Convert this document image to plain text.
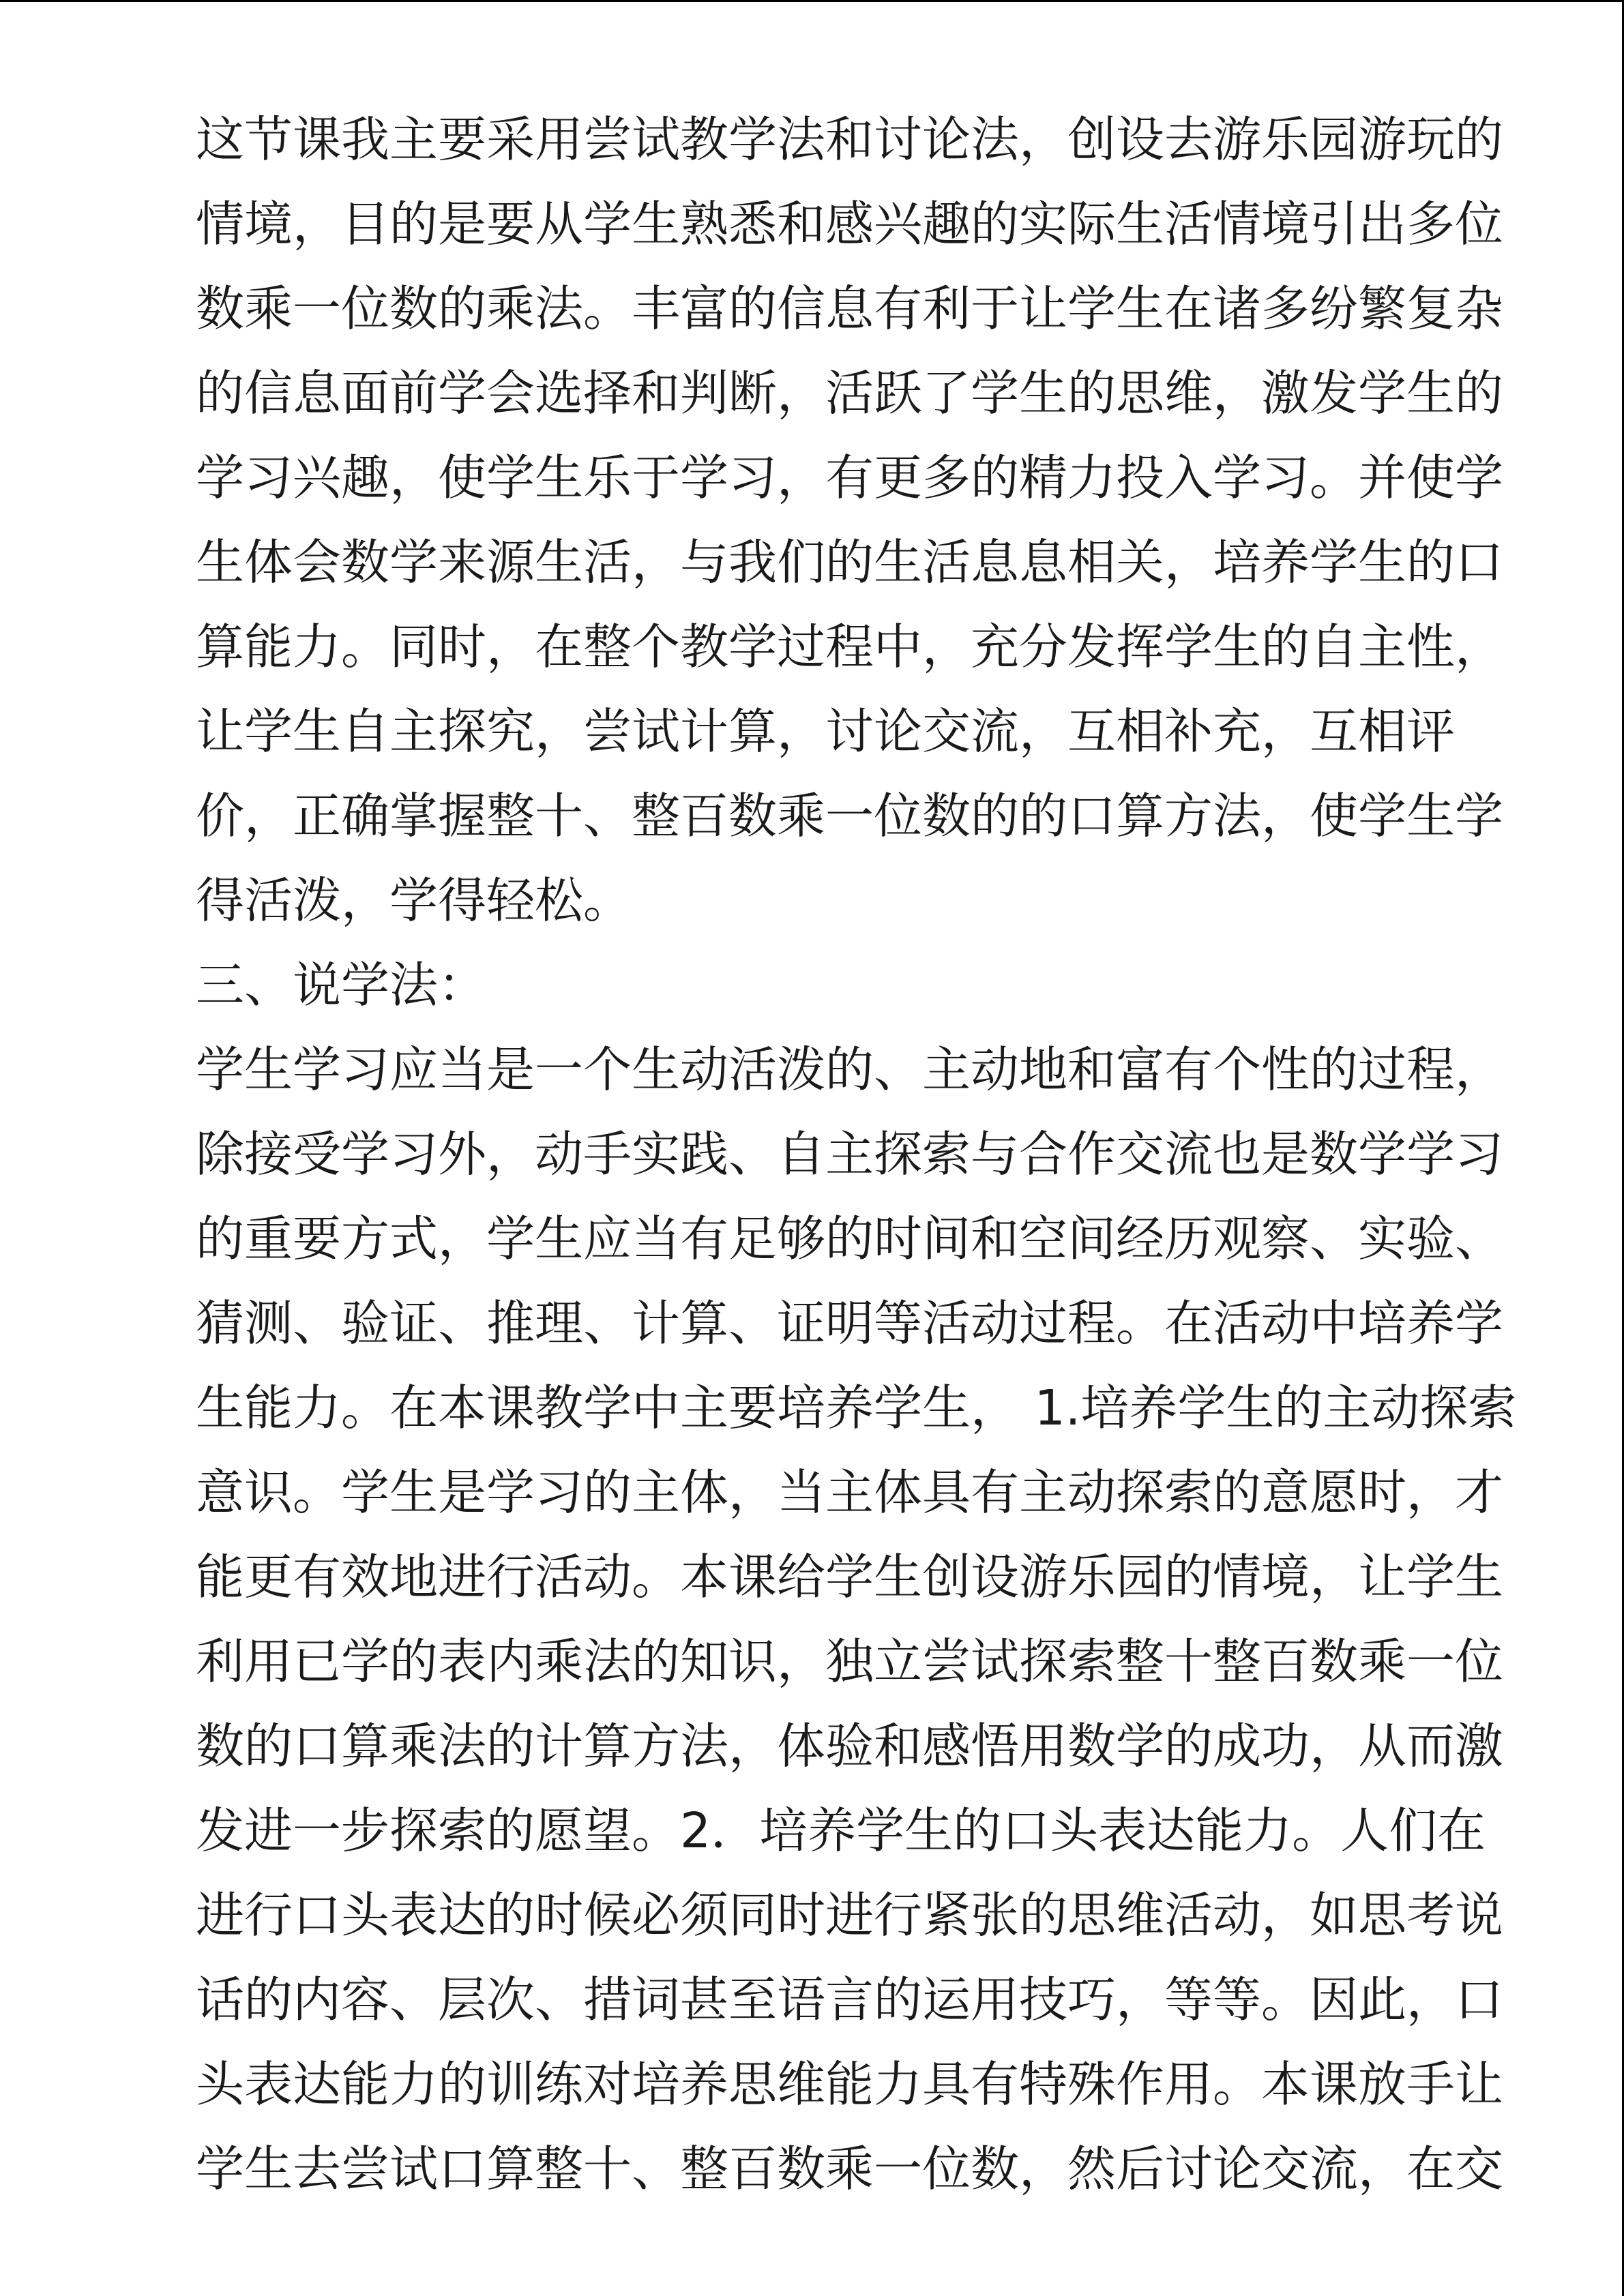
这节课我主要采用尝试教学法和讨论法，创设去游乐园游玩的

情境，目的是要从学生熟悉和感兴趣的实际生活情境引出多位

数乘一位数的乘法。丰富的信息有利于让学生在诸多纷繁复杂

的信息面前学会选择和判断，活跃了学生的思维，激发学生的

学习兴趣，使学生乐于学习，有更多的精力投入学习。并使学

生体会数学来源生活，与我们的生活息息相关，培养学生的口

算能力。同时，在整个教学过程中，充分发挥学生的自主性，

让学生自主探究，尝试计算，讨论交流，互相补充，互相评

价，正确掌握整十、整百数乘一位数的的口算方法，使学生学

得活泼，学得轻松。

三、说学法：

学生学习应当是一个生动活泼的、主动地和富有个性的过程，

除接受学习外，动手实践、自主探索与合作交流也是数学学习

的重要方式，学生应当有足够的时间和空间经历观察、实验、

猜测、验证、推理、计算、证明等活动过程。在活动中培养学

生能力。在本课教学中主要培养学生， 1.培养学生的主动探索

意识。学生是学习的主体，当主体具有主动探索的意愿时，才

能更有效地进行活动。本课给学生创设游乐园的情境，让学生

利用已学的表内乘法的知识，独立尝试探索整十整百数乘一位

数的口算乘法的计算方法，体验和感悟用数学的成功，从而激

发进一步探索的愿望。2．培养学生的口头表达能力。人们在

进行口头表达的时候必须同时进行紧张的思维活动，如思考说

话的内容、层次、措词甚至语言的运用技巧，等等。因此，口

头表达能力的训练对培养思维能力具有特殊作用。本课放手让

学生去尝试口算整十、整百数乘一位数，然后讨论交流，在交
